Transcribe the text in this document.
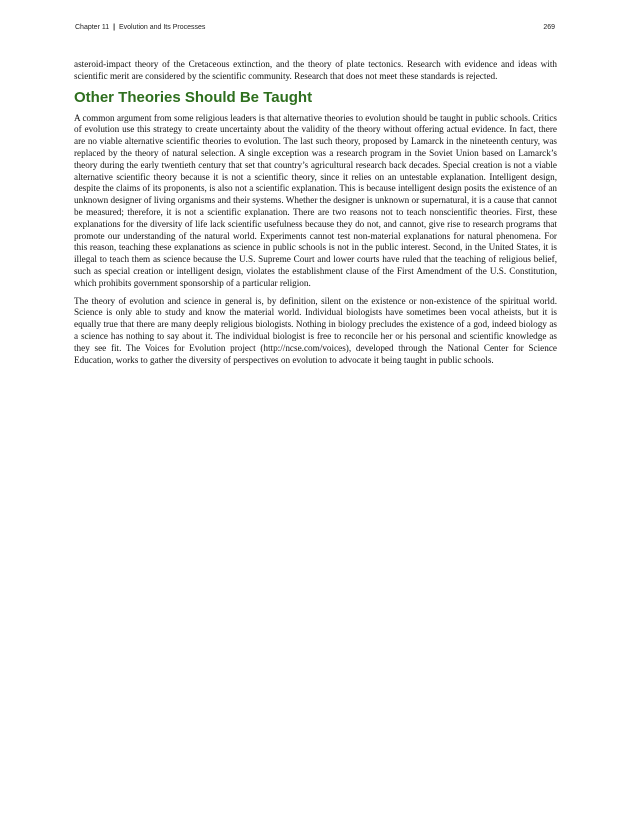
Chapter 11 | Evolution and Its Processes	269

asteroid-impact theory of the Cretaceous extinction, and the theory of plate tectonics. Research with evidence and ideas with scientific merit are considered by the scientific community. Research that does not meet these standards is rejected.

Other Theories Should Be Taught

A common argument from some religious leaders is that alternative theories to evolution should be taught in public schools. Critics of evolution use this strategy to create uncertainty about the validity of the theory without offering actual evidence. In fact, there are no viable alternative scientific theories to evolution. The last such theory, proposed by Lamarck in the nineteenth century, was replaced by the theory of natural selection. A single exception was a research program in the Soviet Union based on Lamarck’s theory during the early twentieth century that set that country’s agricultural research back decades. Special creation is not a viable alternative scientific theory because it is not a scientific theory, since it relies on an untestable explanation. Intelligent design, despite the claims of its proponents, is also not a scientific explanation. This is because intelligent design posits the existence of an unknown designer of living organisms and their systems. Whether the designer is unknown or supernatural, it is a cause that cannot be measured; therefore, it is not a scientific explanation. There are two reasons not to teach nonscientific theories. First, these explanations for the diversity of life lack scientific usefulness because they do not, and cannot, give rise to research programs that promote our understanding of the natural world. Experiments cannot test non-material explanations for natural phenomena. For this reason, teaching these explanations as science in public schools is not in the public interest. Second, in the United States, it is illegal to teach them as science because the U.S. Supreme Court and lower courts have ruled that the teaching of religious belief, such as special creation or intelligent design, violates the establishment clause of the First Amendment of the U.S. Constitution, which prohibits government sponsorship of a particular religion.

The theory of evolution and science in general is, by definition, silent on the existence or non-existence of the spiritual world. Science is only able to study and know the material world. Individual biologists have sometimes been vocal atheists, but it is equally true that there are many deeply religious biologists. Nothing in biology precludes the existence of a god, indeed biology as a science has nothing to say about it. The individual biologist is free to reconcile her or his personal and scientific knowledge as they see fit. The Voices for Evolution project (http://ncse.com/voices), developed through the National Center for Science Education, works to gather the diversity of perspectives on evolution to advocate it being taught in public schools.
